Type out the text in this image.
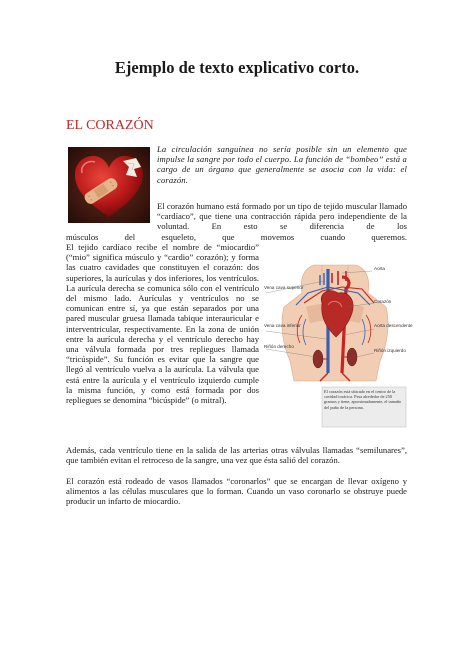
Ejemplo de texto explicativo corto.
EL CORAZÓN

La circulación sanguínea no sería posible sin un elemento que impulse la sangre por todo el cuerpo. La función de “bombeo” está a cargo de un órgano que generalmente se asocia con la vida: el corazón.

El corazón humano está formado por un tipo de tejido muscular llamado “cardíaco”, que tiene una contracción rápida pero independiente de la voluntad. En esto se diferencia de los

músculos del esqueleto, que movemos cuando queremos.

El tejido cardíaco recibe el nombre de “miocardio” (“mio” significa músculo y “cardio” corazón); y forma las cuatro cavidades que constituyen el corazón: dos superiores, la aurículas y dos inferiores, los ventrículos. La aurícula derecha se comunica sólo con el ventrículo del mismo lado. Aurículas y ventrículos no se comunican entre sí, ya que están separados por una pared muscular gruesa llamada tabique interauricular e interventricular, respectivamente. En la zona de unión entre la aurícula derecha y el ventrículo derecho hay una válvula formada por tres repliegues llamada “tricúspide”. Su función es evitar que la sangre que llegó al ventrículo vuelva a la aurícula. La válvula que está entre la aurícula y el ventrículo izquierdo cumple la misma función, y como está formada por dos repliegues se denomina “bicúspide” (o mitral).

Además, cada ventrículo tiene en la salida de las arterias otras válvulas llamadas “semilunares”, que también evitan el retroceso de la sangre, una vez que ésta salió del corazón.

El corazón está rodeado de vasos llamados “coronarlos” que se encargan de llevar oxígeno y alimentos a las células musculares que lo forman. Cuando un vaso coronarlo se obstruye puede producir un infarto de miocardio.

Vena cava superior
Vena cava inferior
Riñón derecho
Aorta
Corazón
Aorta descendente
Riñón izquierdo
El corazón está ubicado en el centro de la cavidad torácica. Pesa alrededor de 250 gramos y tiene, aproximadamente, el tamaño del puño de la persona.
